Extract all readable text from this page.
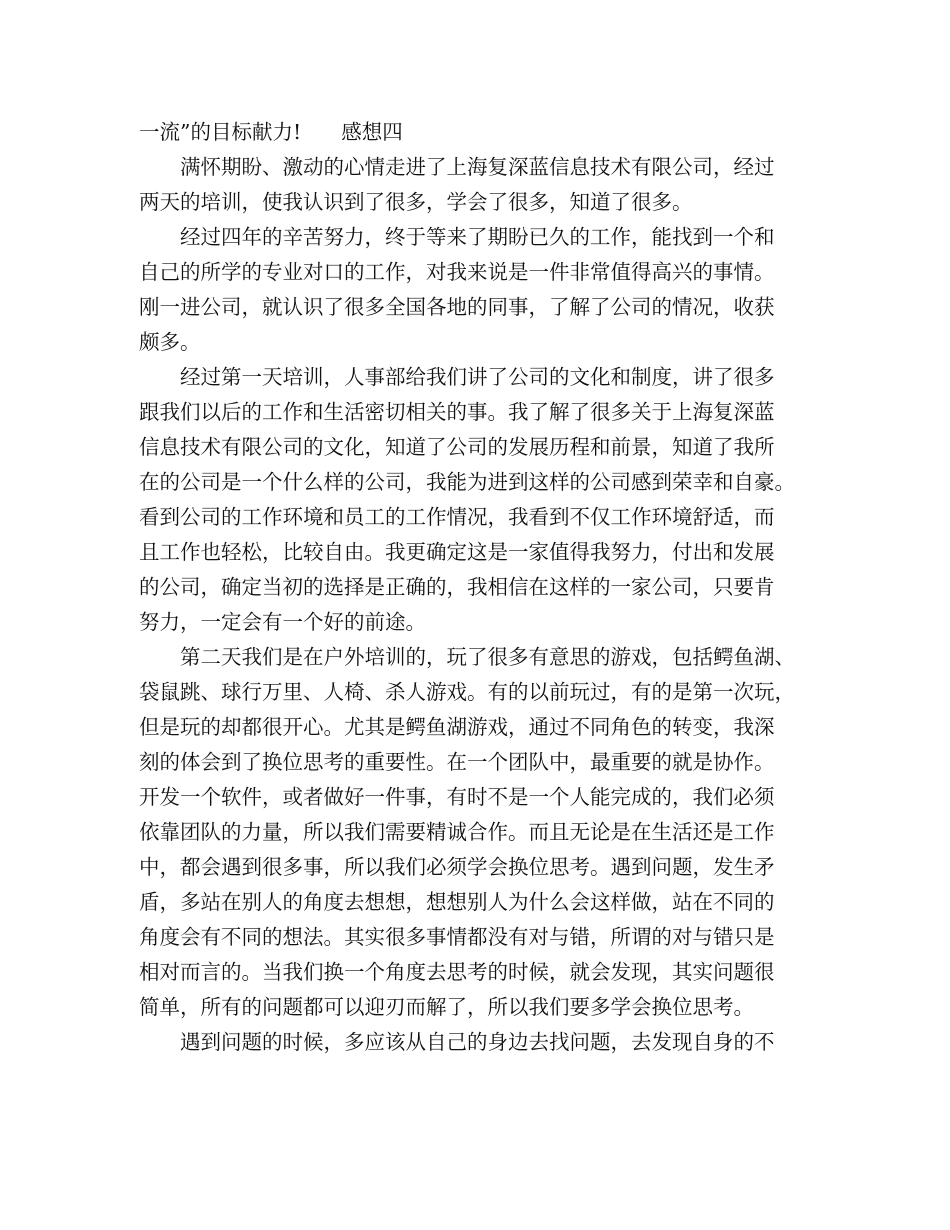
一流”的目标献力! 感想四
满怀期盼、激动的心情走进了上海复深蓝信息技术有限公司，经过
两天的培训，使我认识到了很多，学会了很多，知道了很多。
经过四年的辛苦努力，终于等来了期盼已久的工作，能找到一个和
自己的所学的专业对口的工作，对我来说是一件非常值得高兴的事情。
刚一进公司，就认识了很多全国各地的同事，了解了公司的情况，收获
颇多。
经过第一天培训，人事部给我们讲了公司的文化和制度，讲了很多
跟我们以后的工作和生活密切相关的事。我了解了很多关于上海复深蓝
信息技术有限公司的文化，知道了公司的发展历程和前景，知道了我所
在的公司是一个什么样的公司，我能为进到这样的公司感到荣幸和自豪。
看到公司的工作环境和员工的工作情况，我看到不仅工作环境舒适，而
且工作也轻松，比较自由。我更确定这是一家值得我努力，付出和发展
的公司，确定当初的选择是正确的，我相信在这样的一家公司，只要肯
努力，一定会有一个好的前途。
第二天我们是在户外培训的，玩了很多有意思的游戏，包括鳄鱼湖、
袋鼠跳、球行万里、人椅、杀人游戏。有的以前玩过，有的是第一次玩，
但是玩的却都很开心。尤其是鳄鱼湖游戏，通过不同角色的转变，我深
刻的体会到了换位思考的重要性。在一个团队中，最重要的就是协作。
开发一个软件，或者做好一件事，有时不是一个人能完成的，我们必须
依靠团队的力量，所以我们需要精诚合作。而且无论是在生活还是工作
中，都会遇到很多事，所以我们必须学会换位思考。遇到问题，发生矛
盾，多站在别人的角度去想想，想想别人为什么会这样做，站在不同的
角度会有不同的想法。其实很多事情都没有对与错，所谓的对与错只是
相对而言的。当我们换一个角度去思考的时候，就会发现，其实问题很
简单，所有的问题都可以迎刃而解了，所以我们要多学会换位思考。
遇到问题的时候，多应该从自己的身边去找问题，去发现自身的不
